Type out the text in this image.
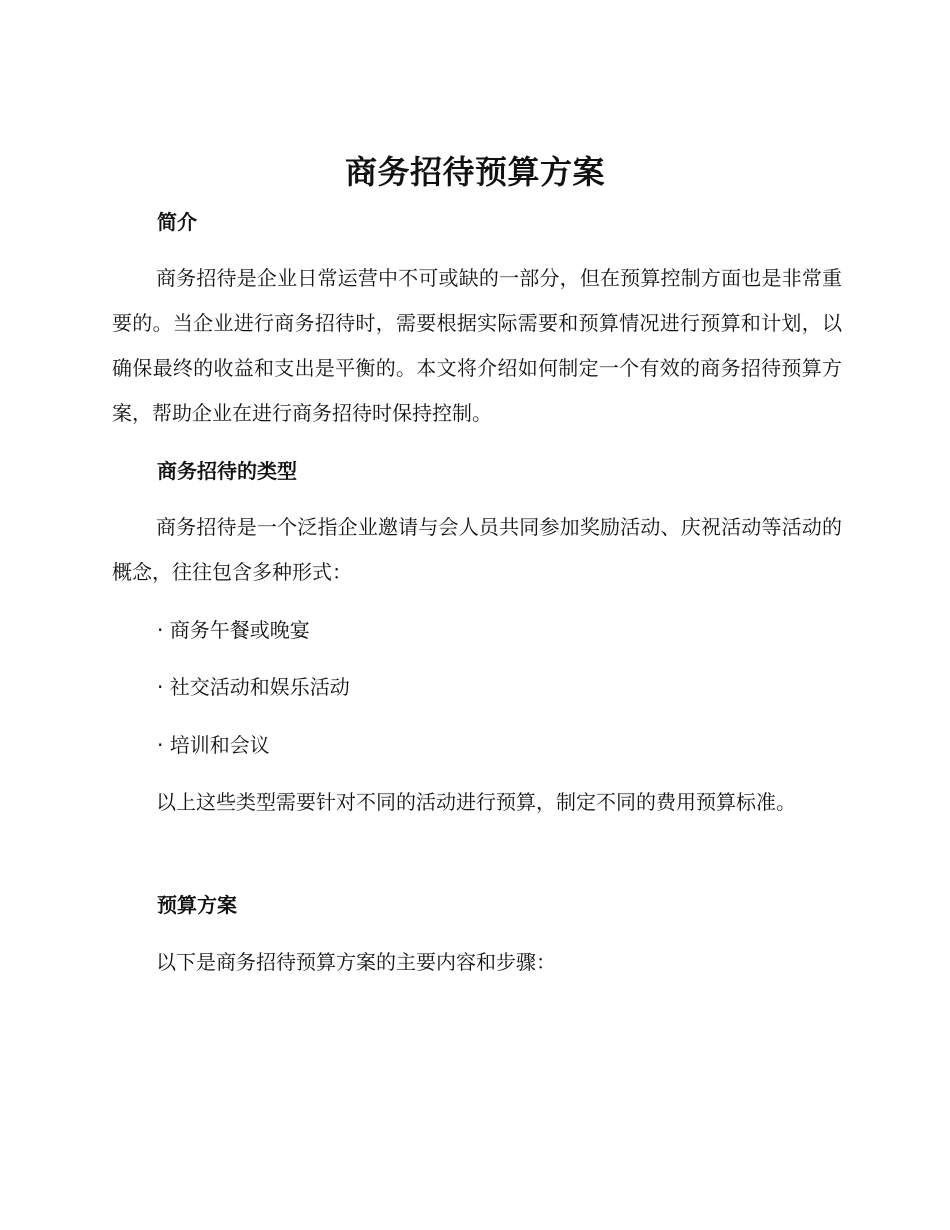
商务招待预算方案
简介

商务招待是企业日常运营中不可或缺的一部分，但在预算控制方面也是非常重要的。当企业进行商务招待时，需要根据实际需要和预算情况进行预算和计划，以确保最终的收益和支出是平衡的。本文将介绍如何制定一个有效的商务招待预算方案，帮助企业在进行商务招待时保持控制。

商务招待的类型

商务招待是一个泛指企业邀请与会人员共同参加奖励活动、庆祝活动等活动的概念，往往包含多种形式：

· 商务午餐或晚宴
· 社交活动和娱乐活动
· 培训和会议

以上这些类型需要针对不同的活动进行预算，制定不同的费用预算标准。

预算方案

以下是商务招待预算方案的主要内容和步骤：
